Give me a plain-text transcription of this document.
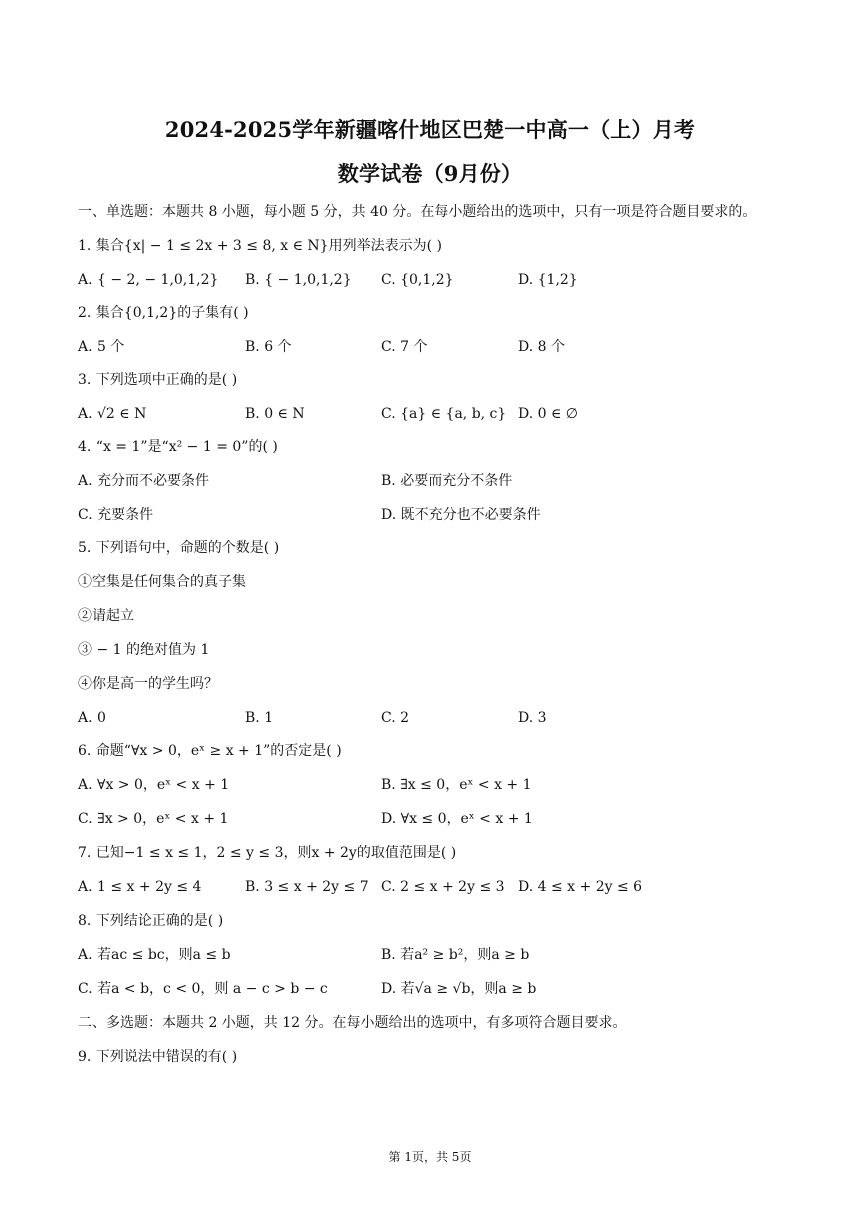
2024-2025学年新疆喀什地区巴楚一中高一（上）月考
数学试卷（9月份）
一、单选题：本题共 8 小题，每小题 5 分，共 40 分。在每小题给出的选项中，只有一项是符合题目要求的。
1. 集合{x| − 1 ≤ 2x + 3 ≤ 8, x ∈ N}用列举法表示为( )
A. { − 2, − 1,0,1,2} B. { − 1,0,1,2} C. {0,1,2}	D. {1,2}
2. 集合{0,1,2}的子集有( )
A. 5 个	B. 6 个	C. 7 个	D. 8 个
3. 下列选项中正确的是( )
A. √2 ∈ N	B. 0 ∈ N	C. {a} ∈ {a, b, c} D. 0 ∈ ∅
4. “x = 1”是“x² − 1 = 0”的( )
A. 充分而不必要条件	B. 必要而充分不条件
C. 充要条件	D. 既不充分也不必要条件
5. 下列语句中，命题的个数是( )
①空集是任何集合的真子集
②请起立
③ − 1 的绝对值为 1
④你是高一的学生吗？
A. 0	B. 1	C. 2	D. 3
6. 命题“∀x > 0，eˣ ≥ x + 1”的否定是( )
A. ∀x > 0，eˣ < x + 1	B. ∃x ≤ 0，eˣ < x + 1
C. ∃x > 0，eˣ < x + 1	D. ∀x ≤ 0，eˣ < x + 1
7. 已知−1 ≤ x ≤ 1，2 ≤ y ≤ 3，则x + 2y的取值范围是( )
A. 1 ≤ x + 2y ≤ 4	B. 3 ≤ x + 2y ≤ 7 C. 2 ≤ x + 2y ≤ 3 D. 4 ≤ x + 2y ≤ 6
8. 下列结论正确的是( )
A. 若ac ≤ bc，则a ≤ b	B. 若a² ≥ b²，则a ≥ b
C. 若a < b，c < 0，则 a − c > b − c	D. 若√a ≥ √b，则a ≥ b
二、多选题：本题共 2 小题，共 12 分。在每小题给出的选项中，有多项符合题目要求。
9. 下列说法中错误的有( )
第 1页，共 5页
